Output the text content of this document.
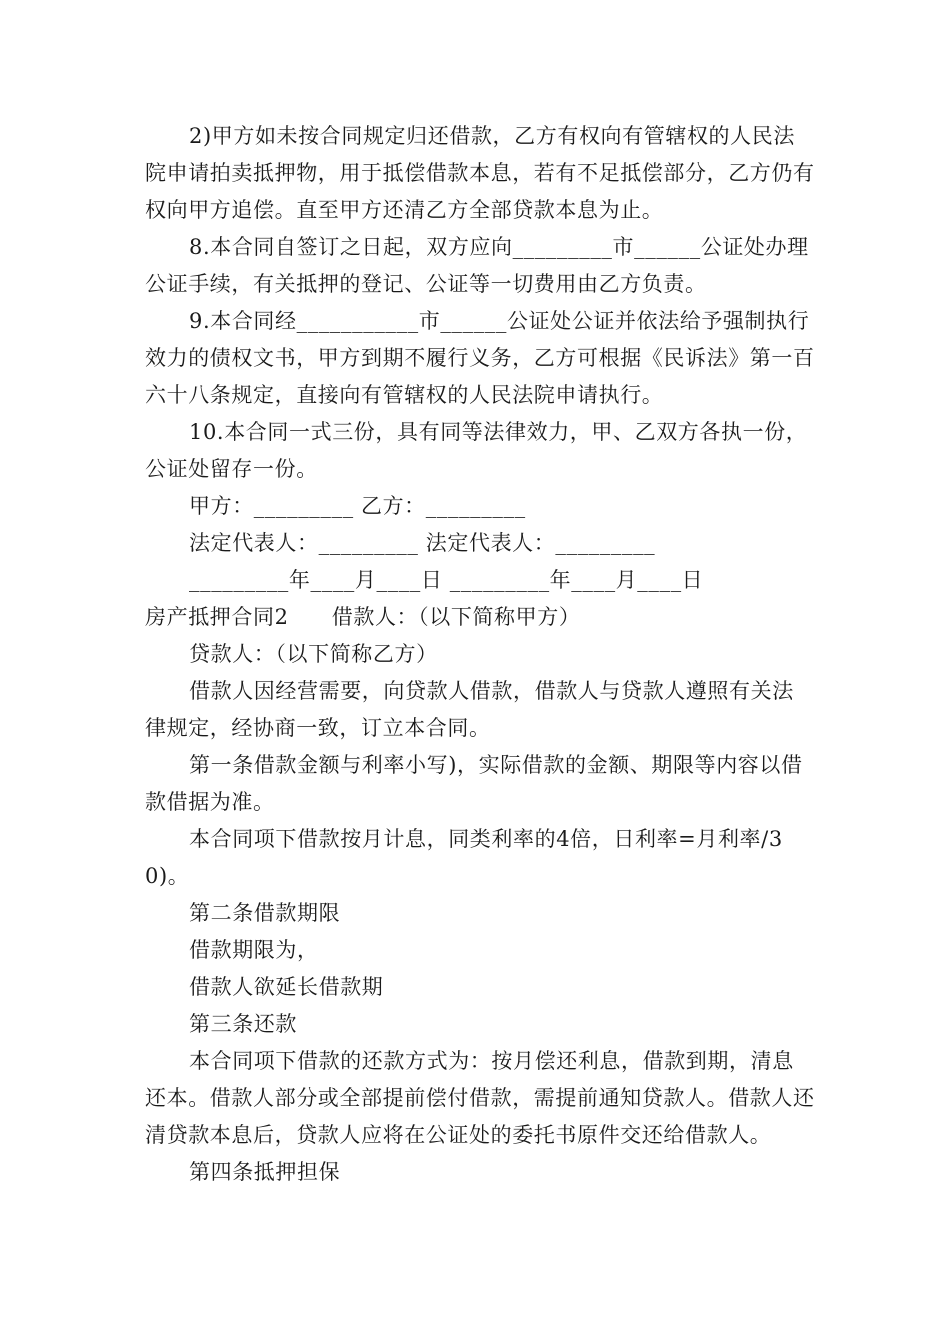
2)甲方如未按合同规定归还借款，乙方有权向有管辖权的人民法院申请拍卖抵押物，用于抵偿借款本息，若有不足抵偿部分，乙方仍有权向甲方追偿。直至甲方还清乙方全部贷款本息为止。

8.本合同自签订之日起，双方应向_________市______公证处办理公证手续，有关抵押的登记、公证等一切费用由乙方负责。

9.本合同经___________市______公证处公证并依法给予强制执行效力的债权文书，甲方到期不履行义务，乙方可根据《民诉法》第一百六十八条规定，直接向有管辖权的人民法院申请执行。

10.本合同一式三份，具有同等法律效力，甲、乙双方各执一份，公证处留存一份。

甲方：_________ 乙方：_________

法定代表人：_________ 法定代表人：_________

_________年____月____日 _________年____月____日

房产抵押合同2　　借款人：（以下简称甲方）

贷款人：（以下简称乙方）

借款人因经营需要，向贷款人借款，借款人与贷款人遵照有关法律规定，经协商一致，订立本合同。

第一条借款金额与利率小写)，实际借款的金额、期限等内容以借款借据为准。

本合同项下借款按月计息，同类利率的4倍，日利率=月利率/30)。

第二条借款期限

借款期限为，

借款人欲延长借款期

第三条还款

本合同项下借款的还款方式为：按月偿还利息，借款到期，清息还本。借款人部分或全部提前偿付借款，需提前通知贷款人。借款人还清贷款本息后，贷款人应将在公证处的委托书原件交还给借款人。

第四条抵押担保
